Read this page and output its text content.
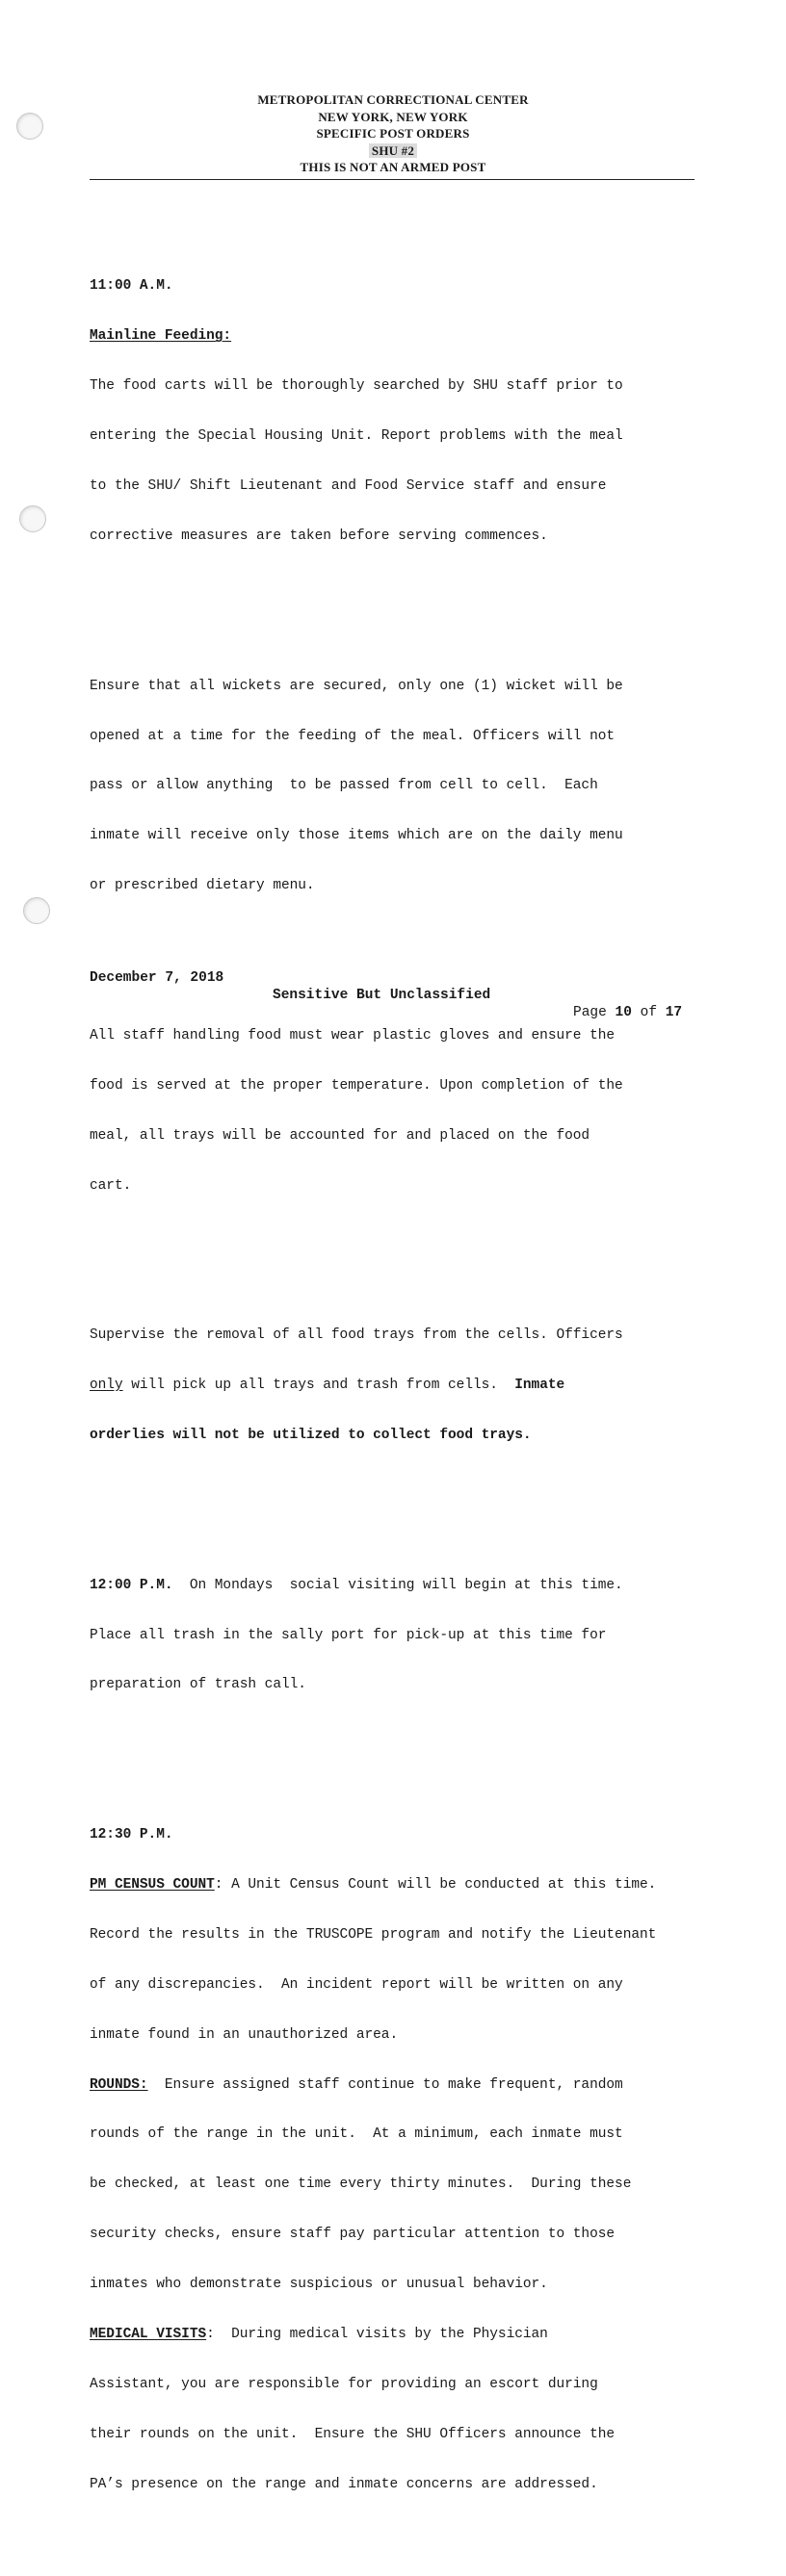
METROPOLITAN CORRECTIONAL CENTER
NEW YORK, NEW YORK
SPECIFIC POST ORDERS
SHU #2
THIS IS NOT AN ARMED POST

11:00 A.M.

Mainline Feeding:

The food carts will be thoroughly searched by SHU staff prior to

entering the Special Housing Unit. Report problems with the meal

to the SHU/ Shift Lieutenant and Food Service staff and ensure

corrective measures are taken before serving commences.

Ensure that all wickets are secured, only one (1) wicket will be

opened at a time for the feeding of the meal. Officers will not

pass or allow anything  to be passed from cell to cell.  Each

inmate will receive only those items which are on the daily menu

or prescribed dietary menu.

All staff handling food must wear plastic gloves and ensure the

food is served at the proper temperature. Upon completion of the

meal, all trays will be accounted for and placed on the food

cart.

Supervise the removal of all food trays from the cells. Officers

only will pick up all trays and trash from cells.  Inmate

orderlies will not be utilized to collect food trays.

12:00 P.M.  On Mondays  social visiting will begin at this time.

Place all trash in the sally port for pick-up at this time for

preparation of trash call.

12:30 P.M.

PM CENSUS COUNT: A Unit Census Count will be conducted at this time.

Record the results in the TRUSCOPE program and notify the Lieutenant

of any discrepancies.  An incident report will be written on any

inmate found in an unauthorized area.

ROUNDS:  Ensure assigned staff continue to make frequent, random

rounds of the range in the unit.  At a minimum, each inmate must

be checked, at least one time every thirty minutes.  During these

security checks, ensure staff pay particular attention to those

inmates who demonstrate suspicious or unusual behavior.

MEDICAL VISITS:  During medical visits by the Physician

Assistant, you are responsible for providing an escort during

their rounds on the unit.  Ensure the SHU Officers announce the

PA’s presence on the range and inmate concerns are addressed.

December 7, 2018

Sensitive But Unclassified

Page 10 of 17
